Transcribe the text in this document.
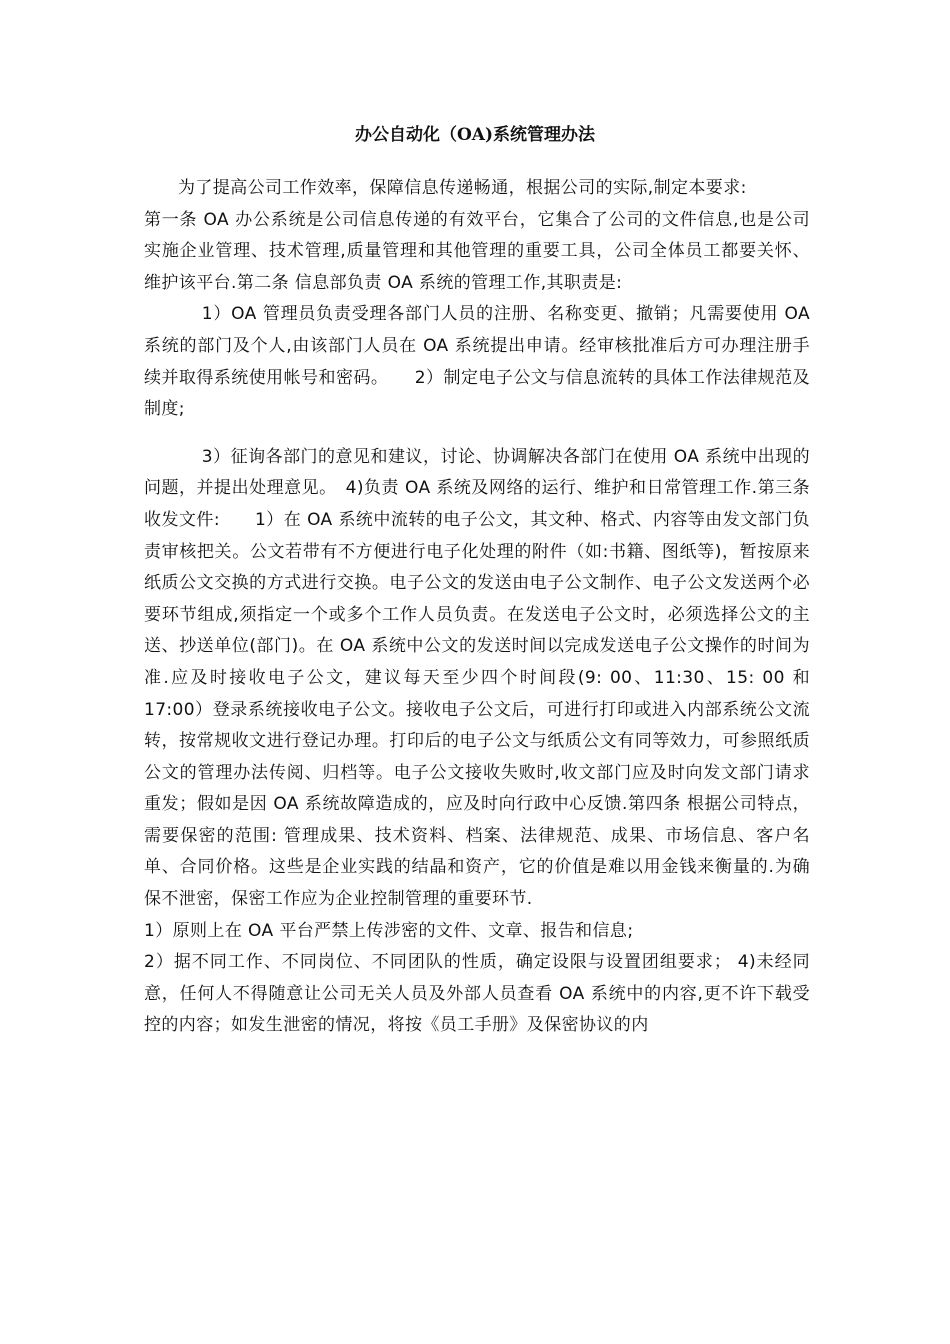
办公自动化（OA)系统管理办法

为了提高公司工作效率，保障信息传递畅通，根据公司的实际,制定本要求:

第一条 OA 办公系统是公司信息传递的有效平台，它集合了公司的文件信息,也是公司实施企业管理、技术管理,质量管理和其他管理的重要工具，公司全体员工都要关怀、维护该平台.第二条 信息部负责 OA 系统的管理工作,其职责是:

1）OA 管理员负责受理各部门人员的注册、名称变更、撤销；凡需要使用 OA 系统的部门及个人,由该部门人员在 OA 系统提出申请。经审核批准后方可办理注册手续并取得系统使用帐号和密码。　　2）制定电子公文与信息流转的具体工作法律规范及制度;

3）征询各部门的意见和建议，讨论、协调解决各部门在使用 OA 系统中出现的问题，并提出处理意见。　4)负责 OA 系统及网络的运行、维护和日常管理工作.第三条 收发文件:　　1）在 OA 系统中流转的电子公文，其文种、格式、内容等由发文部门负责审核把关。公文若带有不方便进行电子化处理的附件（如:书籍、图纸等)，暂按原来纸质公文交换的方式进行交换。电子公文的发送由电子公文制作、电子公文发送两个必要环节组成,须指定一个或多个工作人员负责。在发送电子公文时，必须选择公文的主送、抄送单位(部门)。在 OA 系统中公文的发送时间以完成发送电子公文操作的时间为准.应及时接收电子公文，建议每天至少四个时间段(9: 00、11:30、15: 00 和 17:00）登录系统接收电子公文。接收电子公文后，可进行打印或进入内部系统公文流转，按常规收文进行登记办理。打印后的电子公文与纸质公文有同等效力，可参照纸质公文的管理办法传阅、归档等。电子公文接收失败时,收文部门应及时向发文部门请求重发；假如是因 OA 系统故障造成的，应及时向行政中心反馈.第四条 根据公司特点，需要保密的范围: 管理成果、技术资料、档案、法律规范、成果、市场信息、客户名单、合同价格。这些是企业实践的结晶和资产，它的价值是难以用金钱来衡量的.为确保不泄密，保密工作应为企业控制管理的重要环节.

1）原则上在 OA 平台严禁上传涉密的文件、文章、报告和信息;

2）据不同工作、不同岗位、不同团队的性质，确定设限与设置团组要求； 4)未经同意，任何人不得随意让公司无关人员及外部人员查看 OA 系统中的内容,更不许下载受控的内容；如发生泄密的情况，将按《员工手册》及保密协议的内
